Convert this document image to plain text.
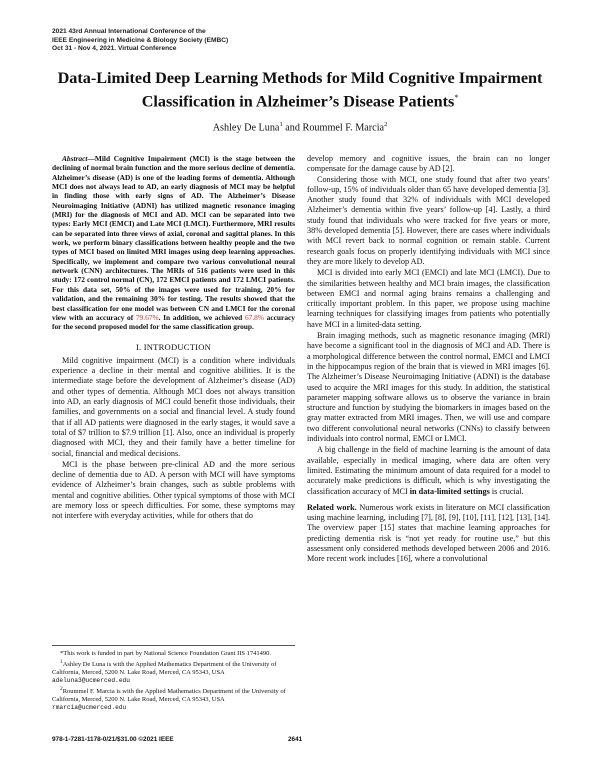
2021 43rd Annual International Conference of the
IEEE Engineering in Medicine & Biology Society (EMBC)
Oct 31 - Nov 4, 2021. Virtual Conference
Data-Limited Deep Learning Methods for Mild Cognitive Impairment
Classification in Alzheimer’s Disease Patients*
Ashley De Luna$^1$ and Roummel F. Marcia$^2$

Abstract—Mild Cognitive Impairment (MCI) is the stage between the declining of normal brain function and the more serious decline of dementia. Alzheimer’s disease (AD) is one of the leading forms of dementia. Although MCI does not always lead to AD, an early diagnosis of MCI may be helpful in finding those with early signs of AD. The Alzheimer’s Disease Neuroimaging Initiative (ADNI) has utilized magnetic resonance imaging (MRI) for the diagnosis of MCI and AD. MCI can be separated into two types: Early MCI (EMCI) and Late MCI (LMCI). Furthermore, MRI results can be separated into three views of axial, coronal and sagittal planes. In this work, we perform binary classifications between healthy people and the two types of MCI based on limited MRI images using deep learning approaches. Specifically, we implement and compare two various convolutional neural network (CNN) architectures. The MRIs of 516 patients were used in this study: 172 control normal (CN), 172 EMCI patients and 172 LMCI patients. For this data set, 50% of the images were used for training, 20% for validation, and the remaining 30% for testing. The results showed that the best classification for one model was between CN and LMCI for the coronal view with an accuracy of 79.67%. In addition, we achieved 67.8% accuracy for the second proposed model for the same classification group.

I. INTRODUCTION

Mild cognitive impairment (MCI) is a condition where individuals experience a decline in their mental and cognitive abilities. It is the intermediate stage before the development of Alzheimer’s disease (AD) and other types of dementia. Although MCI does not always transition into AD, an early diagnosis of MCI could benefit those individuals, their families, and governments on a social and financial level. A study found that if all AD patients were diagnosed in the early stages, it would save a total of $7 trillion to $7.9 trillion [1]. Also, once an individual is properly diagnosed with MCI, they and their family have a better timeline for social, financial and medical decisions.

MCI is the phase between pre-clinical AD and the more serious decline of dementia due to AD. A person with MCI will have symptoms evidence of Alzheimer’s brain changes, such as subtle problems with mental and cognitive abilities. Other typical symptoms of those with MCI are memory loss or speech difficulties. For some, these symptoms may not interfere with everyday activities, while for others that do

develop memory and cognitive issues, the brain can no longer compensate for the damage cause by AD [2].

Considering those with MCI, one study found that after two years’ follow-up, 15% of individuals older than 65 have developed dementia [3]. Another study found that 32% of individuals with MCI developed Alzheimer’s dementia within five years’ follow-up [4]. Lastly, a third study found that individuals who were tracked for five years or more, 38% developed dementia [5]. However, there are cases where individuals with MCI revert back to normal cognition or remain stable. Current research goals focus on properly identifying individuals with MCI since they are more likely to develop AD.

MCI is divided into early MCI (EMCI) and late MCI (LMCI). Due to the similarities between healthy and MCI brain images, the classification between EMCI and normal aging brains remains a challenging and critically important problem. In this paper, we propose using machine learning techniques for classifying images from patients who potentially have MCI in a limited-data setting.

Brain imaging methods, such as magnetic resonance imaging (MRI) have become a significant tool in the diagnosis of MCI and AD. There is a morphological difference between the control normal, EMCI and LMCI in the hippocampus region of the brain that is viewed in MRI images [6]. The Alzheimer’s Disease Neuroimaging Initiative (ADNI) is the database used to acquire the MRI images for this study. In addition, the statistical parameter mapping software allows us to observe the variance in brain structure and function by studying the biomarkers in images based on the gray matter extracted from MRI images. Then, we will use and compare two different convolutional neural networks (CNNs) to classify between individuals into control normal, EMCI or LMCI.

A big challenge in the field of machine learning is the amount of data available, especially in medical imaging, where data are often very limited. Estimating the minimum amount of data required for a model to accurately make predictions is difficult, which is why investigating the classification accuracy of MCI in data-limited settings is crucial.

Related work. Numerous work exists in literature on MCI classification using machine learning, including [7], [8], [9], [10], [11], [12], [13], [14]. The overview paper [15] states that machine learning approaches for predicting dementia risk is “not yet ready for routine use,” but this assessment only considered methods developed between 2006 and 2016. More recent work includes [16], where a convolutional

*This work is funded in part by National Science Foundation Grant IIS 1741490.

$^1$Ashley De Luna is with the Applied Mathematics Department of the University of California, Merced, 5200 N. Lake Road, Merced, CA 95343, USA adeluna3@ucmerced.edu

$^2$Roummel F. Marcia is with the Applied Mathematics Department of the University of California, Merced, 5200 N. Lake Road, Merced, CA 95343, USA rmarcia@ucmerced.edu

978-1-7281-1178-0/21/$31.00 ©2021 IEEE	2641
